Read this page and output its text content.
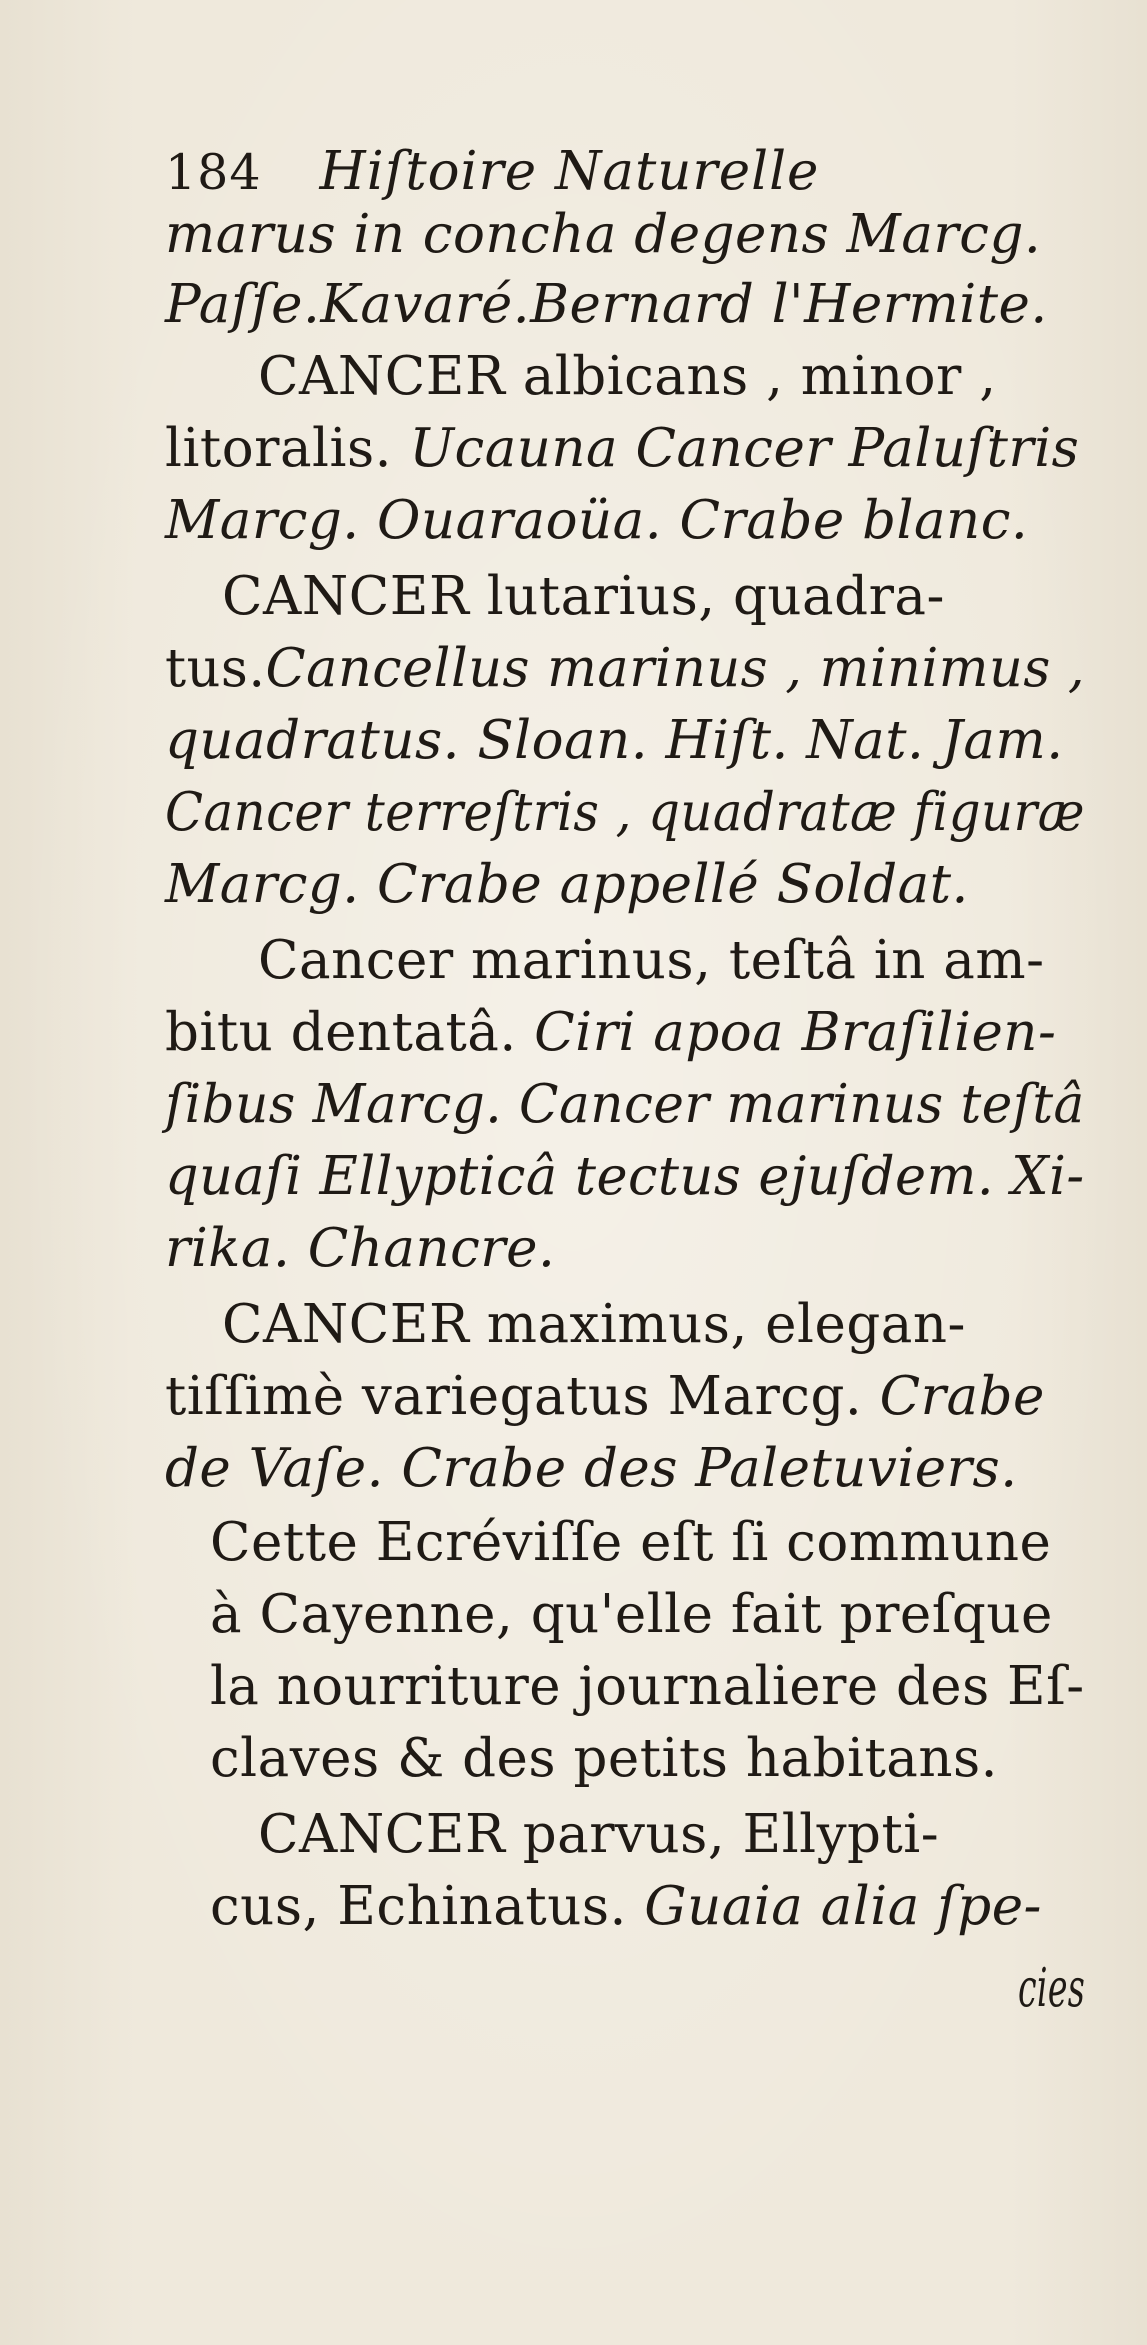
184 Hiſtoire Naturelle
marus in concha degens Marcg.
Paſſe.Kavaré.Bernard l'Hermite.
CANCER albicans , minor ,
litoralis. Ucauna Cancer Paluſtris
Marcg. Ouaraoüa. Crabe blanc.
CANCER lutarius, quadra-
tus.Cancellus marinus , minimus ,
quadratus. Sloan. Hiſt. Nat. Jam.
Cancer terreſtris , quadratæ figuræ
Marcg. Crabe appellé Soldat.
Cancer marinus, teſtâ in am-
bitu dentatâ. Ciri apoa Braſilien-
ſibus Marcg. Cancer marinus teſtâ
quaſi Ellypticâ tectus ejuſdem. Xi-
rika. Chancre.
CANCER maximus, elegan-
tiſſimè variegatus Marcg. Crabe
de Vaſe. Crabe des Paletuviers.
Cette Ecréviſſe eſt ſi commune
à Cayenne, qu'elle fait preſque
la nourriture journaliere des Eſ-
claves & des petits habitans.
CANCER parvus, Ellypti-
cus, Echinatus. Guaia alia ſpe-
cies
